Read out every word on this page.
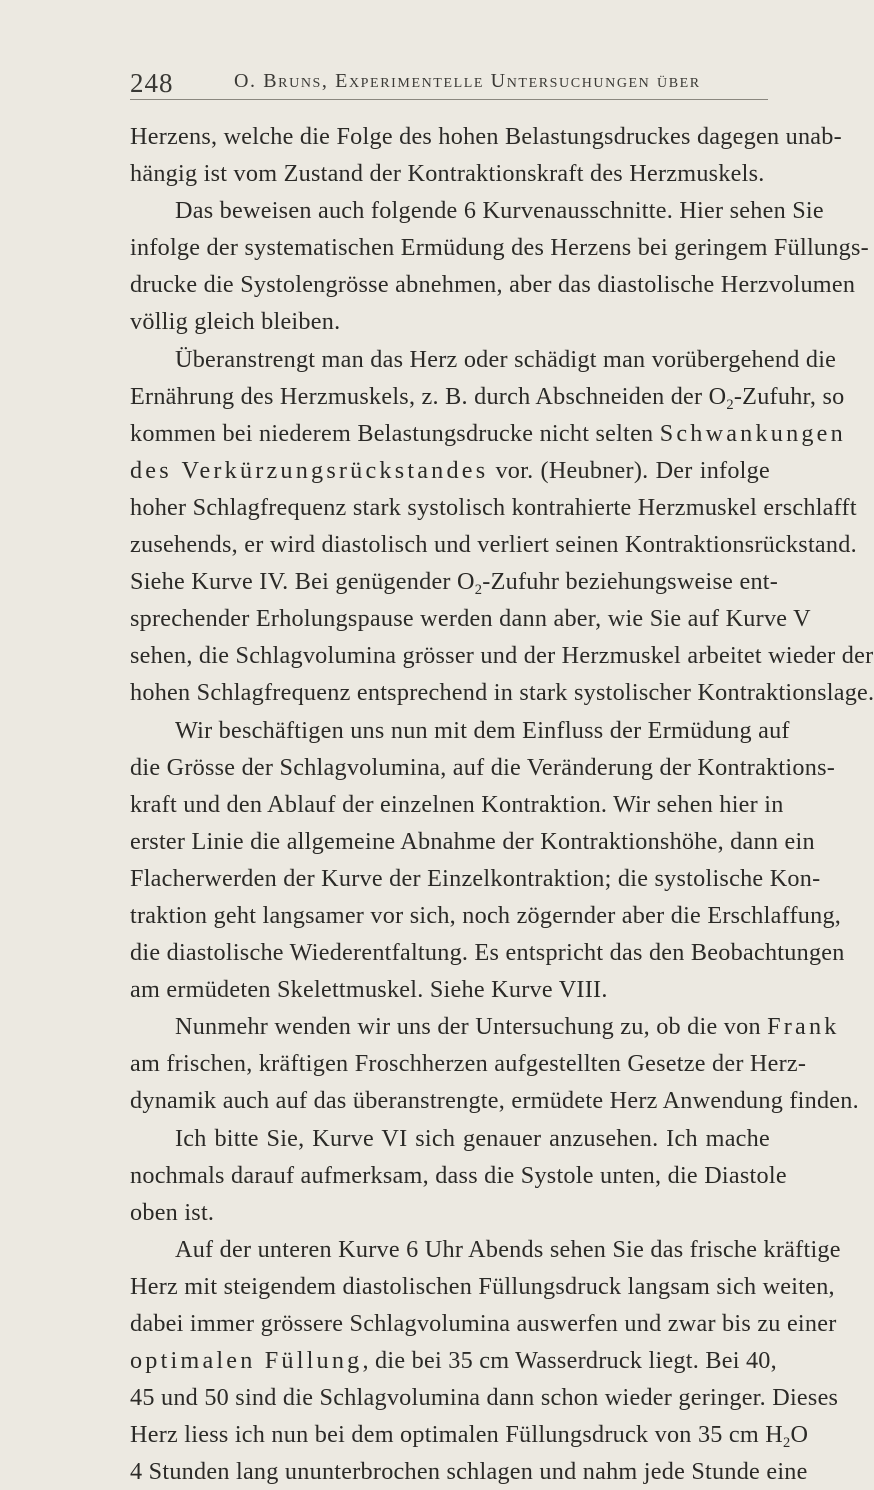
248	O. Bruns, Experimentelle Untersuchungen über
Herzens, welche die Folge des hohen Belastungsdruckes dagegen unab-
hängig ist vom Zustand der Kontraktionskraft des Herzmuskels.
Das beweisen auch folgende 6 Kurvenausschnitte. Hier sehen Sie
infolge der systematischen Ermüdung des Herzens bei geringem Füllungs-
drucke die Systolengrösse abnehmen, aber das diastolische Herzvolumen
völlig gleich bleiben.
Überanstrengt man das Herz oder schädigt man vorübergehend die
Ernährung des Herzmuskels, z. B. durch Abschneiden der $O_2$-Zufuhr, so
kommen bei niederem Belastungsdrucke nicht selten Schwankungen
des Verkürzungsrückstandes vor. (Heubner). Der infolge
hoher Schlagfrequenz stark systolisch kontrahierte Herzmuskel erschlafft
zusehends, er wird diastolisch und verliert seinen Kontraktionsrückstand.
Siehe Kurve IV. Bei genügender $O_2$-Zufuhr beziehungsweise ent-
sprechender Erholungspause werden dann aber, wie Sie auf Kurve V
sehen, die Schlagvolumina grösser und der Herzmuskel arbeitet wieder der
hohen Schlagfrequenz entsprechend in stark systolischer Kontraktionslage.
Wir beschäftigen uns nun mit dem Einfluss der Ermüdung auf
die Grösse der Schlagvolumina, auf die Veränderung der Kontraktions-
kraft und den Ablauf der einzelnen Kontraktion. Wir sehen hier in
erster Linie die allgemeine Abnahme der Kontraktionshöhe, dann ein
Flacherwerden der Kurve der Einzelkontraktion; die systolische Kon-
traktion geht langsamer vor sich, noch zögernder aber die Erschlaffung,
die diastolische Wiederentfaltung. Es entspricht das den Beobachtungen
am ermüdeten Skelettmuskel. Siehe Kurve VIII.
Nunmehr wenden wir uns der Untersuchung zu, ob die von Frank
am frischen, kräftigen Froschherzen aufgestellten Gesetze der Herz-
dynamik auch auf das überanstrengte, ermüdete Herz Anwendung finden.
Ich bitte Sie, Kurve VI sich genauer anzusehen. Ich mache
nochmals darauf aufmerksam, dass die Systole unten, die Diastole
oben ist.
Auf der unteren Kurve 6 Uhr Abends sehen Sie das frische kräftige
Herz mit steigendem diastolischen Füllungsdruck langsam sich weiten,
dabei immer grössere Schlagvolumina auswerfen und zwar bis zu einer
optimalen Füllung, die bei 35 cm Wasserdruck liegt. Bei 40,
45 und 50 sind die Schlagvolumina dann schon wieder geringer. Dieses
Herz liess ich nun bei dem optimalen Füllungsdruck von 35 cm $H_2O$
4 Stunden lang ununterbrochen schlagen und nahm jede Stunde eine
